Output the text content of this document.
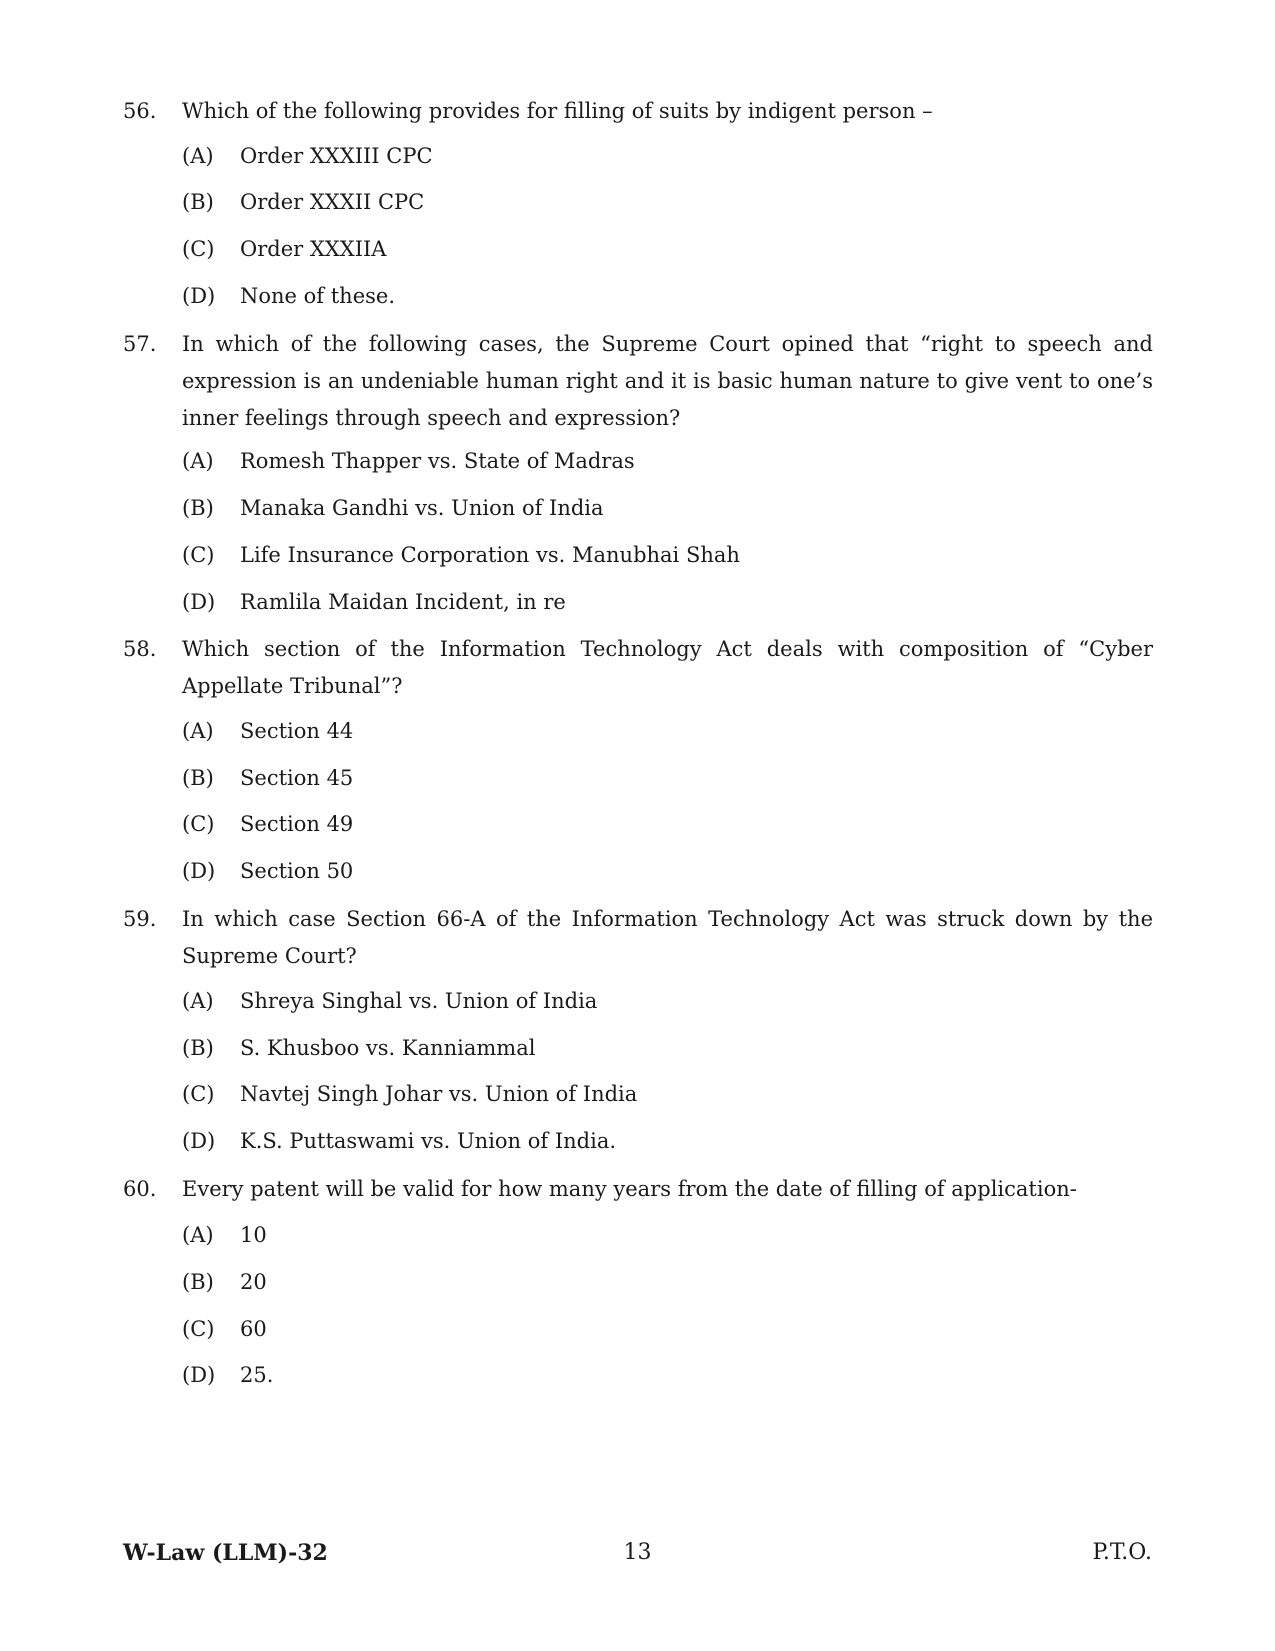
56.	Which of the following provides for filling of suits by indigent person –
(A) Order XXXIII CPC
(B) Order XXXII CPC
(C) Order XXXIIA
(D) None of these.
57.	In which of the following cases, the Supreme Court opined that “right to speech and expression is an undeniable human right and it is basic human nature to give vent to one’s inner feelings through speech and expression?
(A) Romesh Thapper vs. State of Madras
(B) Manaka Gandhi vs. Union of India
(C) Life Insurance Corporation vs. Manubhai Shah
(D) Ramlila Maidan Incident, in re
58.	Which section of the Information Technology Act deals with composition of “Cyber Appellate Tribunal”?
(A) Section 44
(B) Section 45
(C) Section 49
(D) Section 50
59.	In which case Section 66-A of the Information Technology Act was struck down by the Supreme Court?
(A) Shreya Singhal vs. Union of India
(B) S. Khusboo vs. Kanniammal
(C) Navtej Singh Johar vs. Union of India
(D) K.S. Puttaswami vs. Union of India.
60.	Every patent will be valid for how many years from the date of filling of application-
(A) 10
(B) 20
(C) 60
(D) 25.
13
W-Law (LLM)-32	P.T.O.
